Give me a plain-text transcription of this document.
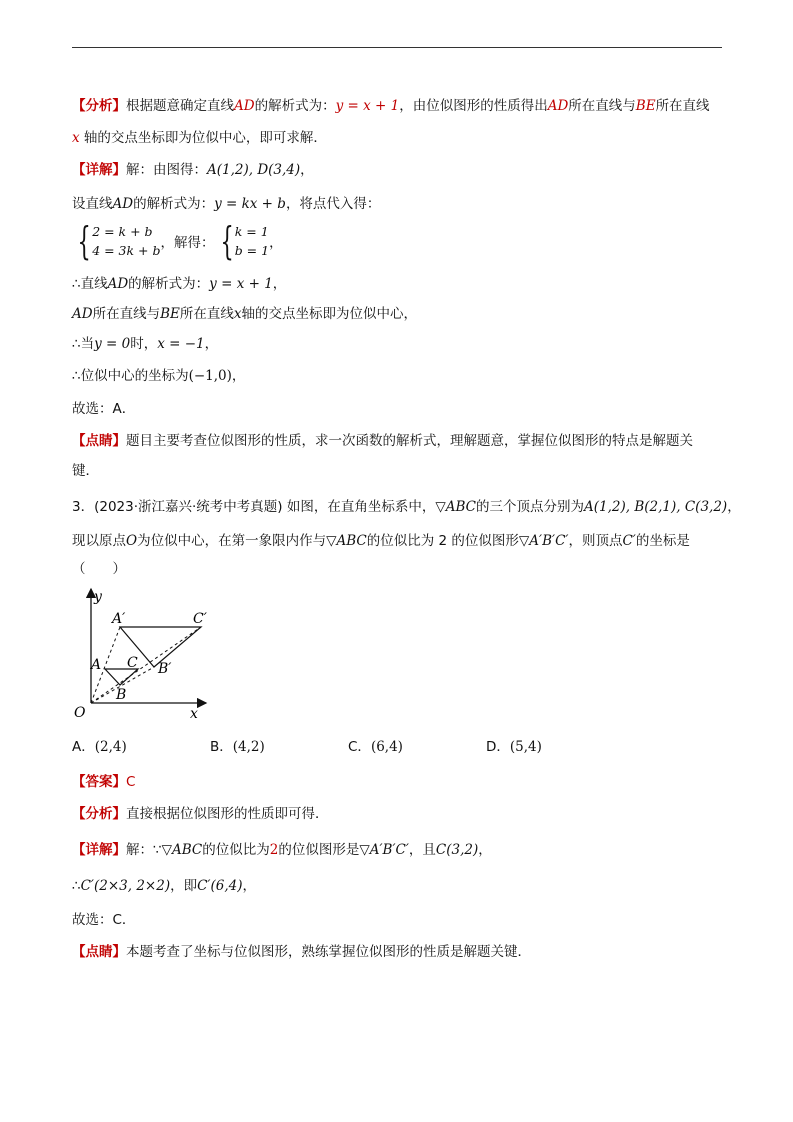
【分析】根据题意确定直线AD的解析式为：y = x + 1，由位似图形的性质得出AD所在直线与BE所在直线
x 轴的交点坐标即为位似中心，即可求解．
【详解】解：由图得：A(1,2), D(3,4)，
设直线AD的解析式为：y = kx + b，将点代入得：
{ 2 = k + b
4 = 3k + b ，解得： { k = 1
b = 1 ，
∴直线AD的解析式为：y = x + 1，
AD所在直线与BE所在直线x轴的交点坐标即为位似中心，
∴当y = 0时，x = −1，
∴位似中心的坐标为(−1,0)，
故选：A．
【点睛】题目主要考查位似图形的性质，求一次函数的解析式，理解题意，掌握位似图形的特点是解题关
键．
3．(2023·浙江嘉兴·统考中考真题) 如图，在直角坐标系中，▽ABC的三个顶点分别为A(1,2), B(2,1), C(3,2)，
现以原点O为位似中心，在第一象限内作与▽ABC的位似比为 2 的位似图形▽A′B′C′，则顶点C′的坐标是
（　　）
y
x
O
A
B
C
A′
B′
C′
A．(2,4)	B．(4,2)	C．(6,4)	D．(5,4)
【答案】C
【分析】直接根据位似图形的性质即可得．
【详解】解：∵▽ABC的位似比为2的位似图形是▽A′B′C′，且C(3,2)，
∴C′(2×3, 2×2)，即C′(6,4)，
故选：C．
【点睛】本题考查了坐标与位似图形，熟练掌握位似图形的性质是解题关键．
